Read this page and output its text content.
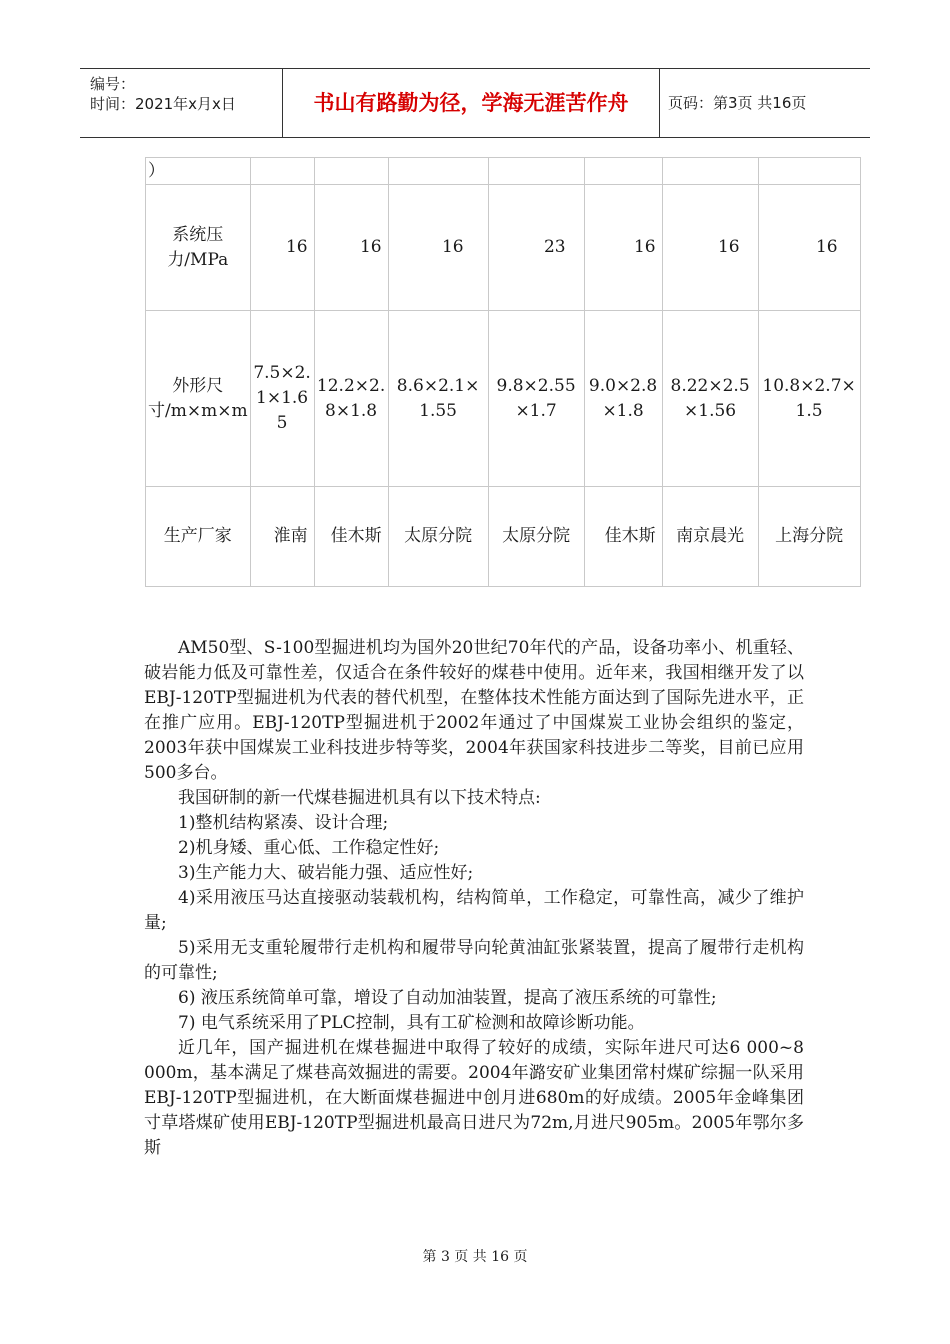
编号：
时间：2021年x月x日	书山有路勤为径，学海无涯苦作舟	页码：第3页 共16页
）							
系统压力/MPa	16	16	16	23	16	16	16
外形尺寸/m×m×m	7.5×2.1×1.65	12.2×2.8×1.8	8.6×2.1×1.55	9.8×2.55×1.7	9.0×2.8×1.8	8.22×2.5×1.56	10.8×2.7×1.5
生产厂家	淮南	佳木斯	太原分院	太原分院	佳木斯	南京晨光	上海分院

AM50型、S-100型掘进机均为国外20世纪70年代的产品，设备功率小、机重轻、破岩能力低及可靠性差，仅适合在条件较好的煤巷中使用。近年来，我国相继开发了以EBJ-120TP型掘进机为代表的替代机型，在整体技术性能方面达到了国际先进水平，正在推广应用。EBJ-120TP型掘进机于2002年通过了中国煤炭工业协会组织的鉴定，2003年获中国煤炭工业科技进步特等奖，2004年获国家科技进步二等奖，目前已应用500多台。

我国研制的新一代煤巷掘进机具有以下技术特点:

1)整机结构紧凑、设计合理;

2)机身矮、重心低、工作稳定性好;

3)生产能力大、破岩能力强、适应性好;

4)采用液压马达直接驱动装载机构，结构简单，工作稳定，可靠性高，减少了维护量;

5)采用无支重轮履带行走机构和履带导向轮黄油缸张紧装置，提高了履带行走机构的可靠性;

6) 液压系统简单可靠，增设了自动加油装置，提高了液压系统的可靠性;

7) 电气系统采用了PLC控制，具有工矿检测和故障诊断功能。

近几年，国产掘进机在煤巷掘进中取得了较好的成绩，实际年进尺可达6 000~8 000m，基本满足了煤巷高效掘进的需要。2004年潞安矿业集团常村煤矿综掘一队采用 EBJ-120TP型掘进机，在大断面煤巷掘进中创月进680m的好成绩。2005年金峰集团寸草塔煤矿使用EBJ-120TP型掘进机最高日进尺为72m,月进尺905m。2005年鄂尔多斯

第 3 页 共 16 页
